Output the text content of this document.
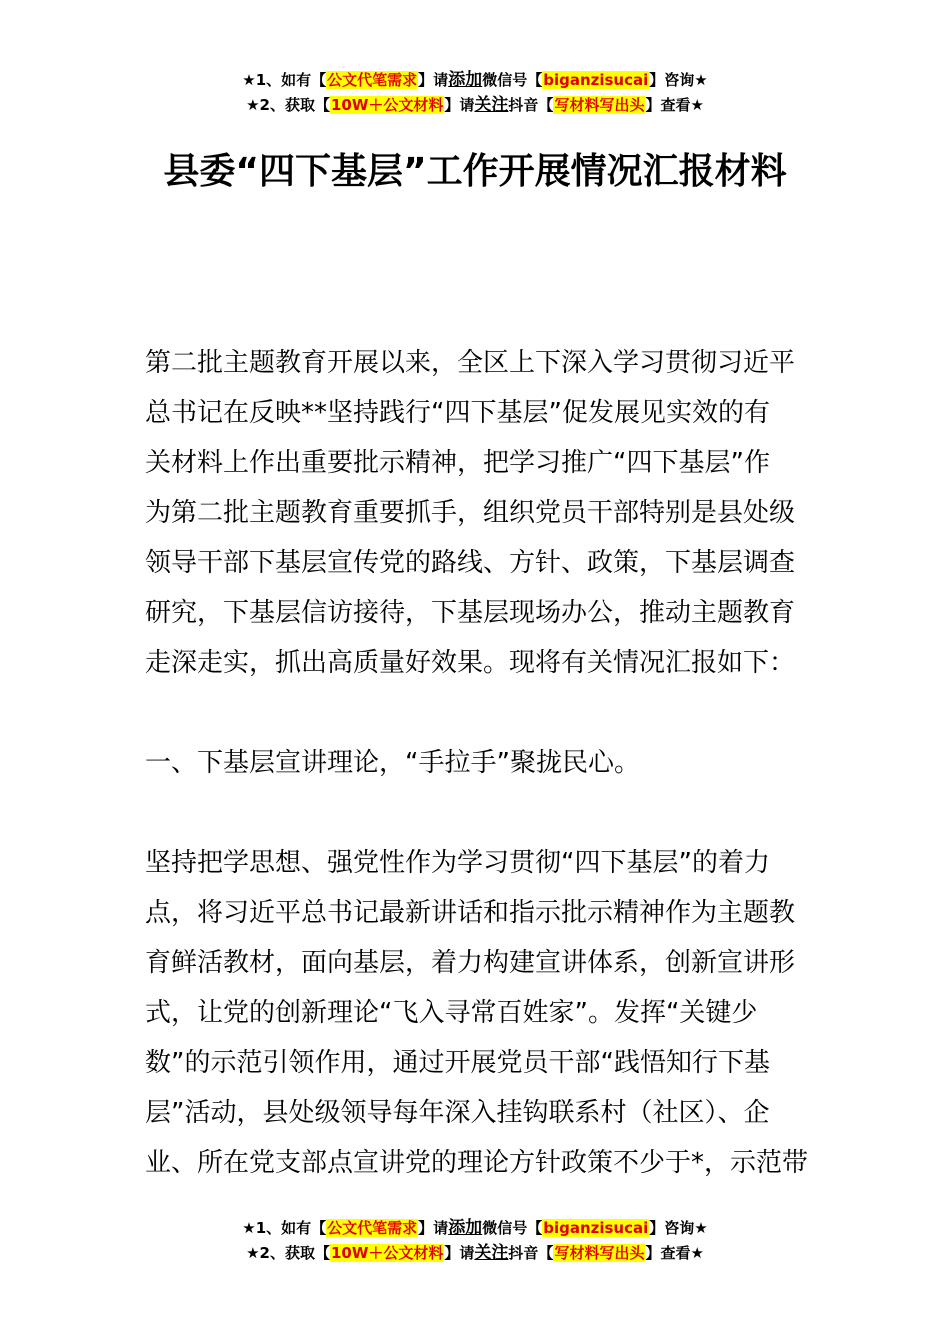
★1、如有【公文代笔需求】请添加微信号【biganzisucai】咨询★
★2、获取【10W＋公文材料】请关注抖音【写材料写出头】查看★
县委“四下基层”工作开展情况汇报材料

第二批主题教育开展以来，全区上下深入学习贯彻习近平

总书记在反映**坚持践行“四下基层”促发展见实效的有

关材料上作出重要批示精神，把学习推广“四下基层”作

为第二批主题教育重要抓手，组织党员干部特别是县处级

领导干部下基层宣传党的路线、方针、政策，下基层调查

研究，下基层信访接待，下基层现场办公，推动主题教育

走深走实，抓出高质量好效果。现将有关情况汇报如下：

一、下基层宣讲理论，“手拉手”聚拢民心。

坚持把学思想、强党性作为学习贯彻“四下基层”的着力

点，将习近平总书记最新讲话和指示批示精神作为主题教

育鲜活教材，面向基层，着力构建宣讲体系，创新宣讲形

式，让党的创新理论“飞入寻常百姓家”。发挥“关键少

数”的示范引领作用，通过开展党员干部“践悟知行下基

层”活动，县处级领导每年深入挂钩联系村（社区）、企

业、所在党支部点宣讲党的理论方针政策不少于*，示范带

★1、如有【公文代笔需求】请添加微信号【biganzisucai】咨询★
★2、获取【10W＋公文材料】请关注抖音【写材料写出头】查看★
